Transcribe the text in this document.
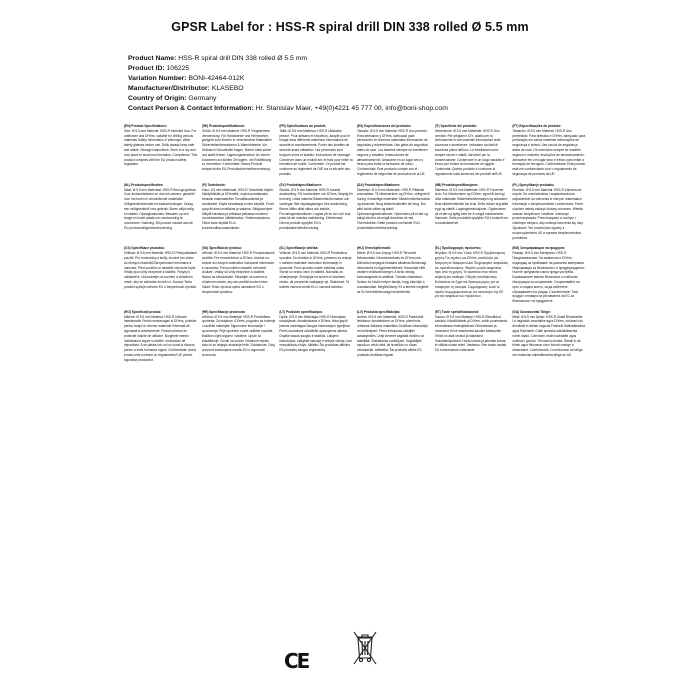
GPSR Label for : HSS-R spiral drill DIN 338 rolled Ø 5.5 mm
Product Name: HSS-R spiral drill DIN 338 rolled Ø 5.5 mm
Product ID: 106225
Variation Number: BONI-42464-012K
Manufacturer/Distributor: KLASEBO
Country of Origin: Germany
Contact Person & Contact Information: Hr. Stanislav Maer, +49(0)4221 45 777 00, info@boni-shop.com
(EN) Product Specifications:
Size: Ø 5.5 mm Material: HSS-R Intended Use: For craftsmen and DIYers, suitable for drilling various materials Safety Information & Warnings: Wear safety glasses before use. Drills always keep safe and stable. Storage instructions: Store in a dry and cool place to avoid rust formation. Compliance: This product complies with the EU product safety regulation.
(DE) Produktspezifikationen:
Größe: Ø 5.5 mm Material: HSS-R Vorgesehene Verwendung: Für Handwerker und Heimwerker, geeignet zum Bohren in verschiedene Materialien Sicherheitsinformationen & Warnhinweise: Vor Gebrauch Schutzbrille tragen. Bohrer stets sicher und stabil führen. Lagerungshinweise: An einem trockenen und kühlen Ort lagern, um Rostbildung zu vermeiden. Konformität: Dieses Produkt entspricht der EU-Produktsicherheitsverordnung.
(FR) Spécifications du produit:
Taille: Ø 5.5 mm Matériau: HSS-R Utilisation prévue: Pour artisans et bricoleurs, adapté pour le forage dans différents matériaux Informations de sécurité et avertissements: Porter des lunettes de sécurité avant utilisation. Les perceuses sont toujours sûres et stables. Instructions de stockage: Conserver dans un endroit sec et frais pour éviter la formation de rouille. Conformité: Ce produit est conforme au règlement de l'UE sur la sécurité des produits.
(ES) Especificaciones del producto:
Tamaño: Ø 5.5 mm Material: HSS-R Uso previsto: Para artesanos y DIYers, adecuado para perforación en diversos materiales Información de seguridad y advertencias: Use gafas de seguridad antes de usar. Los taladros siempre se mantienen seguros y estables. Instrucciones de almacenamiento: Almacene en un lugar seco y fresco para evitar la formación de óxido. Conformidad: Este producto cumple con el reglamento de seguridad de productos de la UE.
(IT) Specifiche del prodotto:
Dimensione: Ø 5.5 mm Materiale: HSS-R Uso previsto: Per artigiani e DIY, adatto per la perforazione in vari materiali Informazioni sulla sicurezza e avvertenze: Indossare occhiali di sicurezza prima dell'uso. Le trivellazioni sono sempre sicure e stabili. Istruzioni per la conservazione: Conservare in un luogo asciutto e fresco per evitare la formazione di ruggine. Conformità: Questo prodotto è conforme al regolamento sulla sicurezza dei prodotti dell'UE.
(PT) Especificações do produto:
Tamanho: Ø 5.5 mm Material: HSS-R Uso pretendido: Para artesãos e DIYers, adequado para perfuração em vários materiais Informações de segurança e avisos: Use óculos de segurança antes de usar. Os exercícios sempre se mantêm seguros e estáveis. Instruções de armazenamento: Armazene em um lugar seco e fresco para evitar a formação de ferrugem. Conformidade: Este produto está em conformidade com o regulamento de segurança de produtos da UE.
(NL) Productspecificaties:
Maat: Ø 5.5 mm Materiaal: HSS-R Beoogd gebruik: Voor ambachtslieden en doe-het-zelvers, geschikt voor het boren in verschillende materialen Veiligheidsinformatie en waarschuwingen: Draag een veiligheidsbril voor gebruik. Boren altijd veilig en stabiel. Opslaginstructies: Bewaren op een droge en koele plaats om roestvorming te voorkomen. Naleving: Dit product voldoet aan de EU-productveiligheidsverordening.
(FI) Tuotetiedot:
Koko: 5.5 mm Materiaali: HSS-R Tarkoitettu käyttö: Käsityöläisille ja DIYereille, sopiva porattavaksi erilaisiin materiaaleihin Turvallisuustiedot ja varoitukset: Käytä turvalaseja ennen käyttöä. Porat pysyvät aina turvallisina ja vakaina. Säilytysohjeet: Säilytä kuivassa ja viileässä paikassa ruosteen muodostumisen välttämiseksi. Yhdenmukaisuus: Tämä tuote täyttää EU:n tuoteturvallisuusasetuksen.
(SV) Produktspecifikationer:
Storlek: Ø 5.5 mm Material: HSS-R Avsedd användning: För hantverkare och DIYers, lämplig för borrning i olika material Säkerhetsinformation och varningar: Bär skyddsglasögon före användning. Borrar håller alltid säkra och stabila. Förvaringsinstruktioner: Lagras på en torr och sval plats för att undvika rostbildning. Efterlevnad: Denna produkt uppfyller EU:s produktsäkerhetsförordning.
(DA) Produktspecifikationer:
Størrelse: Ø 5.5 mm Materiale: HSS-R Påtænkt anvendelse: Til håndværkere og DIYers, velegnet til boring i forskellige materialer Sikkerhedsinformation og advarsler: Brug sikkerhedsbriller før brug. Bor altid holde sikker og stabil. Opbevaringsinstruktioner: Opbevares på et tørt og køligt sted for at undgå dannelse af rust. Overholdelse: Dette produkt overholder EU's produktsikkerhedsforordning.
(NB) Produktspesifikasjoner:
Størrelse: Ø 5.5 mm Materiale: HSS-R Forventet bruk: For håndverkere og DIYere, egnet til boring i ulike materialer Sikkerhetsinformasjon og advarsler: Bruk sikkerhetsbriller før bruk. Drills holder seg alltid trygt og stabilt. Lagringsinstruksjoner: Oppbevares på et tørt og kjølig sted for å unngå rustdannelse. Samsvar: Dette produktet oppfyller EU's forskrift om produktsikkerhet.
(PL) Specyfikacje produktu:
Rozmiar: Ø 5.5 mm Materiał: HSS-R Zamierzone użycie: Do rzemieślników i majsterkowiczów, odpowiednie do wiercenia w różnych materiałach Informacje o bezpieczeństwie i ostrzeżenia: Przed użyciem należy założyć okulary ochronne. Wiertła zawsze bezpieczne i stabilne. Instrukcje przechowywania: Przechowywać w suchym i chłodnym miejscu, aby uniknąć tworzenia się rdzy. Zgodność: Ten produkt jest zgodny z rozporządzeniem UE w sprawie bezpieczeństwa produktów.
(CS) Specifikace produktu:
Velikost: Ø 5.5 mm Materiál: HSS-R Předpokládané použití: Pro řemeslníky a kutily, vhodné pro vrtání do různých materiálů Bezpečnostní informace a varování: Před použitím si nasaďte ochranné brýle. Vrtáky jsou vždy bezpečné a stabilní. Pokyny k uskladnění: Uchovávejte na suchém a chladném místě, aby se zabránilo tvorbě rzi. Soulad: Tento produkt splňuje nařízení EU o bezpečnosti výrobků.
(SK) Špecifikácia výrobku:
Veľkosť: Ø 5.5 mm Materiál: HSS-R Predpokladané použitie: Pre remeselníkov a DIYers, vhodné na vŕtanie do rôznych materiálov Varovanie informácie a varovania: Pred použitím nasaďte ochranné okuliare. Vrtáky sú vždy bezpečné a stabilné. Návod na skladovanie: Skladujte na suchom a chladnom mieste, aby ste predišli tvorbe hrdze. Súlad: Tento výrobok spĺňa nariadenie EÚ o bezpečnosti výrobkov.
(SL) Specifikacije izdelka:
Velikost: Ø 5.5 mm Material: HSS-R Predvidena uporaba: Za obrtnike in DIYers, primerno za vrtanje v različne materiale Varnostne informacije in opozorila: Pred uporabo nosite zaščitna očala. Svedri so vedno varni in stabilni. Navodila za shranjevanje: Shranjujte na suhem in hladnem mestu, da preprečite nastajanje rje. Skladnost: Ta izdelek ustreza uredbi EU o varnosti izdelkov.
(HU) Termékjellemzők:
Méret: Ø 5.5 mm Anyag: HSS-R Tervezett felhasználás: Kézműveseknek és DIYers-nek, különböző anyagok fúrására alkalmas Biztonsági információk és figyelmeztetések: Használat előtt viseljen védőszemüveget. A fúrók mindig biztonságosak és stabilak. Tárolási utasítások: Száraz és hűvös helyen tárolja, hogy elkerülje a rozsdásodást. Megfelelőség: Ez a termék megfelel az EU termékbiztonsági rendeletének.
(EL) Προδιαγραφές προϊόντος:
Μέγεθος: Ø 5.5 mm Υλικό: HSS-R Προβλεπόμενη χρήση: Για τεχνίτες και DIYers, κατάλληλο για διάτρηση σε διάφορα υλικά Πληροφορίες ασφαλείας και προειδοποιήσεις: Φοράτε γυαλιά ασφαλείας πριν από τη χρήση. Τα τρυπάνια είναι πάντα ασφαλή και σταθερά. Οδηγίες αποθήκευσης: Φυλάσσετε σε ξηρό και δροσερό μέρος για να αποφύγετε τη σκουριά. Συμμόρφωση: Αυτό το προϊόν συμμορφώνεται με τον κανονισμό της ΕΕ για την ασφάλεια των προϊόντων.
(BG) Спецификации на продукта:
Размер: Ø 5.5 mm Материал: HSS-R Предназначение: За занаятчии и DIYers, подходящ за пробиване на различни материали Информация за безопасност и предупреждения: Носете предпазни очила преди употреба. Бормашините винаги безопасни и стабилни. Инструкции за съхранение: Съхранявайте на сухо и хладно място, за да избегнете образуването на ръжда. Съответствие: Този продукт отговаря на регламента на ЕС за безопасност на продуктите.
(RO) Specificații produs:
Mărime: Ø 5.5 mm Material: HSS-R Utilizare intenționată: Pentru meșteșugari și DIYers, potrivite pentru forajul în diverse materiale Informații de siguranță și avertismente: Purtați ochelari de protecție înainte de utilizare. Burghiele mențin întotdeauna sigure și stabile. Instrucțiuni de depozitare: A se păstra într-un loc uscat și răcoros pentru a evita formarea ruginii. Conformitate: Acest produs este conform cu regulamentul UE privind siguranța produselor.
(HR) Specifikacije proizvoda:
Veličina: Ø 5.5 mm Materijal: HSS-R Predviđena upotreba: Za majstore i DIYers, pogodno za bušenje u različite materijale Sigurnosne informacije i upozorenja: Prije upotrebe nosite zaštitne naočale. Bušilice uvijek sigurne i stabilne. Upute za skladištenje: Čuvati na suhom i hladnom mjestu kako bi se izbjeglo stvaranje hrđe. Sukladnost: Ovaj proizvod zadovoljava uredbu EU o sigurnosti proizvoda.
(LT) Produkto specifikacijos:
Dydis: Ø 5.5 mm Medžiaga: HSS-R Numatytas naudojimas: Amatininkams ir DIYers, tinka gręžti įvairias medžiagas Saugos informacija ir įspėjimai: Prieš naudodami užsidėkite apsauginius akinius. Grąžtai visada saugūs ir stabilūs. Laikymo instrukcijos: Laikykite sausoje ir vėsioje vietoje, kad nesusidarytų rūdys. Atitiktis: Šis produktas atitinka ES produktų saugos reglamentą.
(LV) Produkta specifikācijas:
Izmērs: Ø 5.5 mm Materiāls: HSS-R Paredzētā lietošana: Amatniekiem un DIYers, piemērots urbšanai dažādos materiālos Drošības informācija un brīdinājumi: Pirms lietošanas valkājiet aizsargbrilles. Urbji vienmēr saglabā drošību un stabilitāti. Glabāšanas norādījumi: Uzglabājiet sausā un vēsā vietā, lai izvairītos no rūsas veidošanās. Atbilstība: Šis produkts atbilst ES produktu drošības regulai.
(ET) Toote spetsifikatsioonid:
Suurus: Ø 5.5 mm Materjal: HSS-R Ettenähtud kasutus: Käsitöölistele ja DIYers, sobib puurimiseks erinevatesse materjalidesse Ohutusteave ja hoiatused: Enne kasutamist kandke kaitseprille. Trellid on alati ohutud ja stabiilsed. Hoiustamisjuhised: Hoida kuivas ja jahedas kohas, et vältida rooste teket. Vastavus: See toode vastab ELi tooteohutuse määrusele.
(GA) Sonraíochtaí Táirge:
Méid: Ø 5.5 mm Ábhar: HSS-R Úsáid Bheartaithe: Le haghaidh ceardaithe agus DIYers, oiriúnach do dhruileáil in ábhair éagsúla Faisnéis Sábháilteachta agus Rabhaidh: Caith spéaclaí sábháilteachta roimh úsáid. Coinníonn druilirí sábháilte agus cobhsaí i gcónaí. Treoracha stórála: Stóráil in áit thirim agus fhionnuar chun foirmiú meirge a sheachaint. Comhlíonadh: Comhlíonann an táirge seo rialachán sábháilteachta táirge an AE.
CE
